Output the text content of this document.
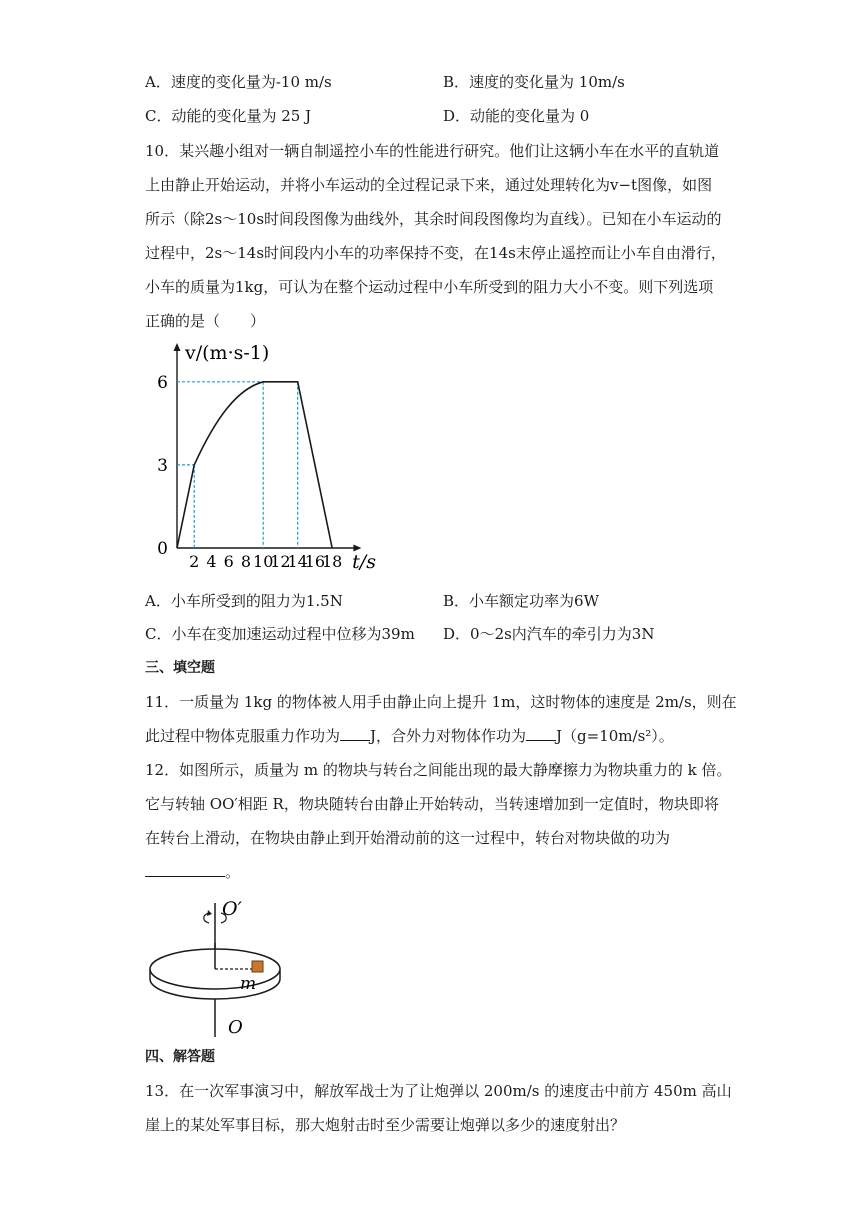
A．速度的变化量为-10 m/s	B．速度的变化量为 10m/s
C．动能的变化量为 25 J	D．动能的变化量为 0
10．某兴趣小组对一辆自制遥控小车的性能进行研究。他们让这辆小车在水平的直轨道
上由静止开始运动，并将小车运动的全过程记录下来，通过处理转化为v−t图像，如图
所示（除2s～10s时间段图像为曲线外，其余时间段图像均为直线）。已知在小车运动的
过程中，2s～14s时间段内小车的功率保持不变，在14s末停止遥控而让小车自由滑行，
小车的质量为1kg，可认为在整个运动过程中小车所受到的阻力大小不变。则下列选项
正确的是（　　）
2 4 6 8 10
12
14
16
18
0
3
6
t/s
v/(m·s-1)
A．小车所受到的阻力为1.5N	B．小车额定功率为6W
C．小车在变加速运动过程中位移为39m D．0～2s内汽车的牵引力为3N
三、填空题
11．一质量为 1kg 的物体被人用手由静止向上提升 1m，这时物体的速度是 2m/s，则在
此过程中物体克服重力作功为 J，合外力对物体作功为 J（g=10m/s²）。
12．如图所示，质量为 m 的物块与转台之间能出现的最大静摩擦力为物块重力的 k 倍。
它与转轴 OO′相距 R，物块随转台由静止开始转动，当转速增加到一定值时，物块即将
在转台上滑动，在物块由静止到开始滑动前的这一过程中，转台对物块做的功为
。
O′
m
O
四、解答题
13．在一次军事演习中，解放军战士为了让炮弹以 200m/s 的速度击中前方 450m 高山
崖上的某处军事目标，那大炮射击时至少需要让炮弹以多少的速度射出？
